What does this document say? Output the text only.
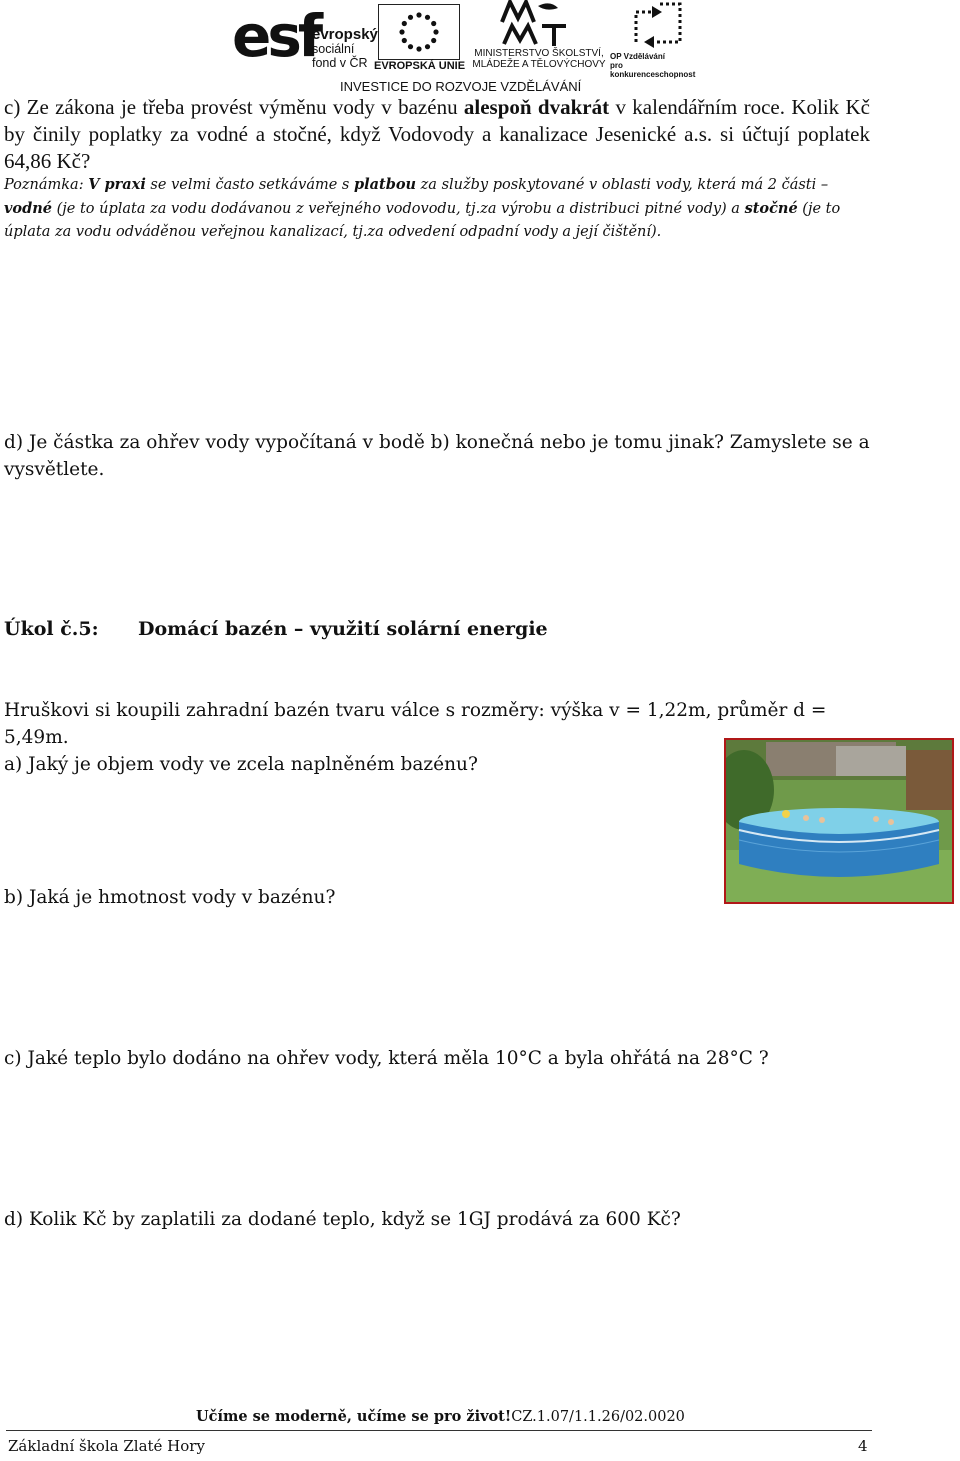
esf
evropský
sociální
fond v ČR EVROPSKÁ UNIE
MINISTERSTVO ŠKOLSTVÍ,
MLÁDEŽE A TĚLOVÝCHOVY
OP Vzdělávání
pro konkurenceschopnost
INVESTICE DO ROZVOJE VZDĚLÁVÁNÍ
c) Ze zákona je třeba provést výměnu vody v bazénu alespoň dvakrát v kalendářním roce. Kolik Kč by činily poplatky za vodné a stočné, když Vodovody a kanalizace Jesenické a.s. si účtují poplatek 64,86 Kč?
Poznámka: V praxi se velmi často setkáváme s platbou za služby poskytované v oblasti vody, která má 2 části – vodné (je to úplata za vodu dodávanou z veřejného vodovodu, tj.za výrobu a distribuci pitné vody) a stočné (je to úplata za vodu odváděnou veřejnou kanalizací, tj.za odvedení odpadní vody a její čištění).
d) Je částka za ohřev vody vypočítaná v bodě b) konečná nebo je tomu jinak? Zamyslete se a vysvětlete.
Úkol č.5: Domácí bazén – využití solární energie
Hruškovi si koupili zahradní bazén tvaru válce s rozměry: výška v = 1,22m, průměr d = 5,49m.
a) Jaký je objem vody ve zcela naplněném bazénu?
b) Jaká je hmotnost vody v bazénu?
c) Jaké teplo bylo dodáno na ohřev vody, která měla 10°C a byla ohřátá na 28°C ?
d) Kolik Kč by zaplatili za dodané teplo, když se 1GJ prodává za 600 Kč?
Učíme se moderně, učíme se pro život!CZ.1.07/1.1.26/02.0020
Základní škola Zlaté Hory	4
